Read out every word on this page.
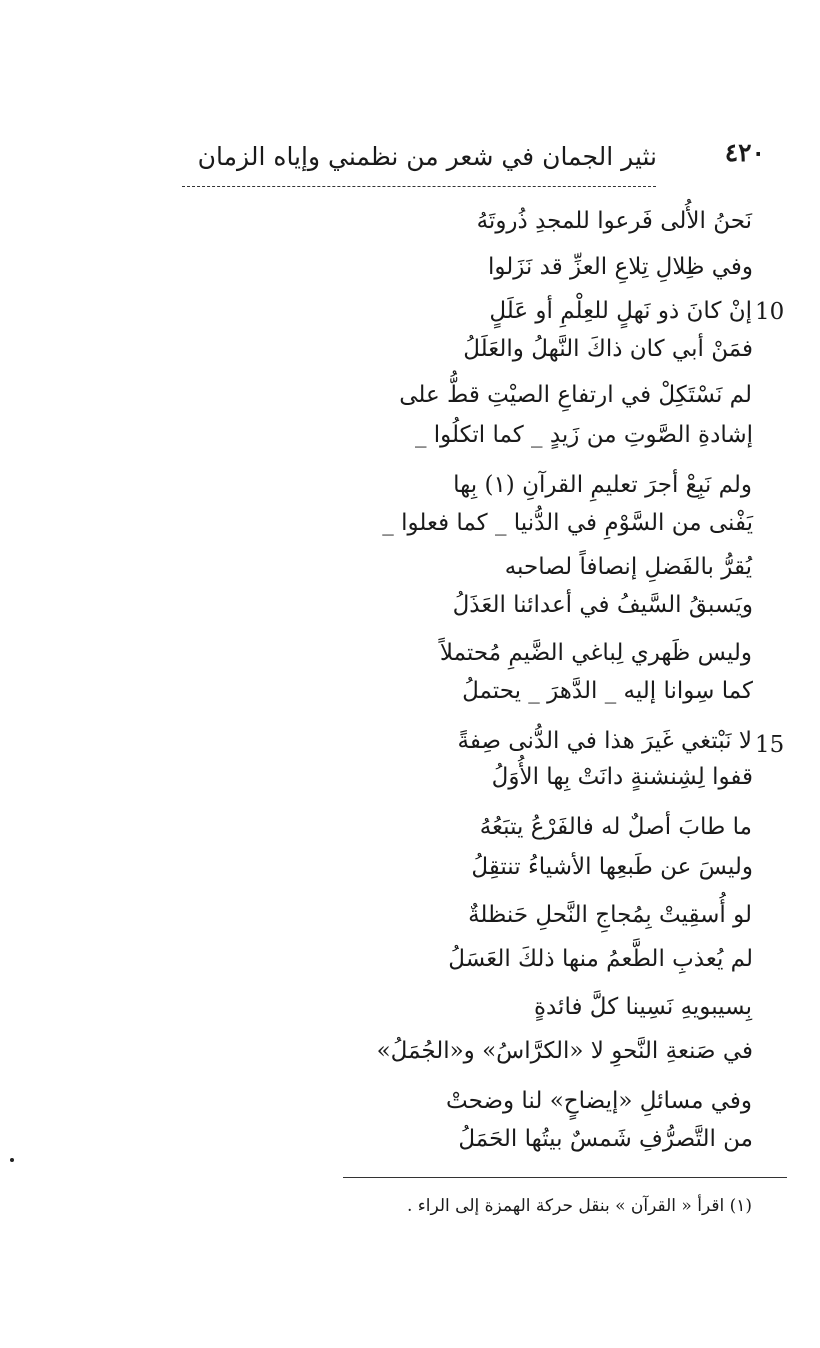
٤٢٠
نثير الجمان في شعر من نظمني وإياه الزمان
نَحنُ الأُلى فَرعوا للمجدِ ذُروتَهُ
وفي ظِلالِ تِلاعِ العزِّ قد نَزَلوا
10
إنْ كانَ ذو نَهلٍ للعِلْمِ أو عَلَلٍ
فمَنْ أبي كان ذاكَ النَّهلُ والعَلَلُ
لم نَسْتَكِلْ في ارتفاعِ الصيْتِ قطُّ على
إشادةِ الصَّوتِ من زَيدٍ _ كما اتكلُوا _
ولم نَبِعْ أجرَ تعليمِ القرآنِ (١) بِها
يَفْنى من السَّوْمِ في الدُّنيا _ كما فعلوا _
يُقرُّ بالفَضلِ إنصافاً لصاحبه
ويَسبقُ السَّيفُ في أعدائنا العَذَلُ
وليس ظَهري لِباغي الضَّيمِ مُحتملاً
كما سِوانا إليه _ الدَّهرَ _ يحتملُ
15
لا نَبْتغي غَيرَ هذا في الدُّنى صِفةً
قفوا لِشِنشنةٍ دانَتْ بِها الأُوَلُ
ما طابَ أصلٌ له فالفَرْعُ يتبَعُهُ
وليسَ عن طَبعِها الأشياءُ تنتقِلُ
لو أُسقِيتْ بِمُجاجِ النَّحلِ حَنظلةٌ
لم يُعذبِ الطَّعمُ منها ذلكَ العَسَلُ
بِسيبويهِ نَسِينا كلَّ فائدةٍ
في صَنعةِ النَّحوِ لا «الكرَّاسُ» و«الجُمَلُ»
وفي مسائلِ «إيضاحٍ» لنا وضحتْ
من التَّصرُّفِ شَمسٌ بيتُها الحَمَلُ
(١) اقرأ « القرآن » بنقل حركة الهمزة إلى الراء .
